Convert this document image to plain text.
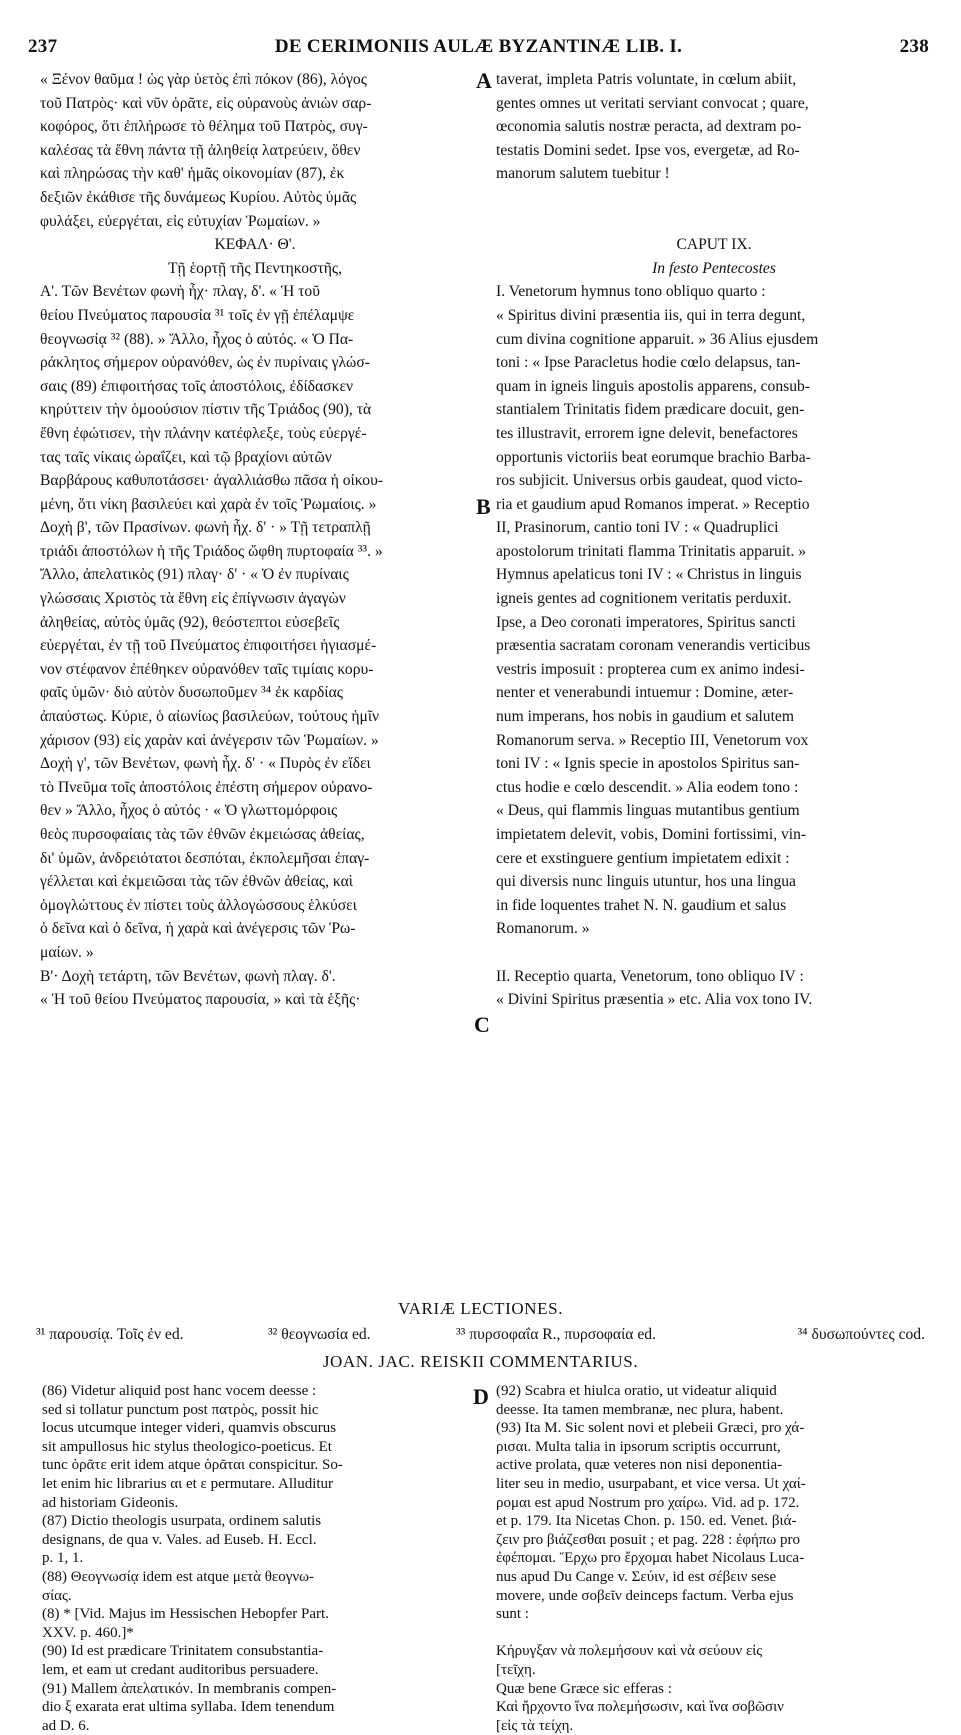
237	DE CERIMONIIS AULÆ BYZANTINÆ LIB. I.	238
« Ξένον θαῦμα ! ὡς γὰρ ὑετὸς ἐπὶ πόκον (86), λόγος
τοῦ Πατρὸς· καὶ νῦν ὁρᾶτε, εἰς οὐρανοὺς ἀνιὼν σαρ-
κοφόρος, ὅτι ἐπλήρωσε τὸ θέλημα τοῦ Πατρὸς, συγ-
καλέσας τὰ ἔθνη πάντα τῇ ἀληθείᾳ λατρεύειν, ὅθεν
καὶ πληρώσας τὴν καθ' ἡμᾶς οἰκονομίαν (87), ἐκ
δεξιῶν ἐκάθισε τῆς δυνάμεως Κυρίου. Αὐτὸς ὑμᾶς
φυλάξει, εὐεργέται, εἰς εὐτυχίαν Ῥωμαίων. »
ΚΕΦΑΛ· Θ'.
Τῇ ἑορτῇ τῆς Πεντηκοστῆς,
Α'. Τῶν Βενέτων φωνὴ ἦχ· πλαγ, δ'. « Ἡ τοῦ
θείου Πνεύματος παρουσία ³¹ τοῖς ἐν γῇ ἐπέλαμψε
θεογνωσίᾳ ³² (88). » Ἄλλο, ἦχος ὁ αὐτός. « Ὁ Πα-
ράκλητος σήμερον οὐρανόθεν, ὡς ἐν πυρίναις γλώσ-
σαις (89) ἐπιφοιτήσας τοῖς ἀποστόλοις, ἐδίδασκεν
κηρύττειν τὴν ὁμοούσιον πίστιν τῆς Τριάδος (90), τὰ
ἔθνη ἐφώτισεν, τὴν πλάνην κατέφλεξε, τοὺς εὐεργέ-
τας ταῖς νίκαις ὡραΐζει, καὶ τῷ βραχίονι αὐτῶν
Βαρβάρους καθυποτάσσει· ἀγαλλιάσθω πᾶσα ἡ οἰκου-
μένη, ὅτι νίκη βασιλεύει καὶ χαρὰ ἐν τοῖς Ῥωμαίοις. »
Δοχὴ β', τῶν Πρασίνων. φωνὴ ἦχ. δ' · » Τῇ τετραπλῇ
τριάδι ἀποστόλων ἡ τῆς Τριάδος ὤφθη πυρτοφαία ³³. »
Ἄλλο, ἀπελατικὸς (91) πλαγ· δ' · « Ὁ ἐν πυρίναις
γλώσσαις Χριστὸς τὰ ἔθνη εἰς ἐπίγνωσιν ἀγαγὼν
ἀληθείας, αὐτὸς ὑμᾶς (92), θεόστεπτοι εὐσεβεῖς
εὐεργέται, ἐν τῇ τοῦ Πνεύματος ἐπιφοιτήσει ἡγιασμέ-
νον στέφανον ἐπέθηκεν οὐρανόθεν ταῖς τιμίαις κορυ-
φαῖς ὑμῶν· διὸ αὐτὸν δυσωποῦμεν ³⁴ ἐκ καρδίας
ἀπαύστως. Κύριε, ὁ αἰωνίως βασιλεύων, τούτους ἡμῖν
χάρισον (93) εἰς χαρὰν καὶ ἀνέγερσιν τῶν Ῥωμαίων. »
Δοχὴ γ', τῶν Βενέτων, φωνὴ ἦχ. δ' · « Πυρὸς ἐν εἴδει
τὸ Πνεῦμα τοῖς ἀποστόλοις ἐπέστη σήμερον οὐρανο-
θεν » Ἄλλο, ἦχος ὁ αὐτός · « Ὁ γλωττομόρφοις
θεὸς πυρσοφαίαις τὰς τῶν ἐθνῶν ἐκμειώσας ἀθείας,
δι' ὑμῶν, ἀνδρειότατοι δεσπόται, ἐκπολεμῆσαι ἐπαγ-
γέλλεται καὶ ἐκμειῶσαι τὰς τῶν ἐθνῶν ἀθείας, καὶ
ὁμογλώττους ἐν πίστει τοὺς ἀλλογώσσους ἑλκύσει
ὁ δεῖνα καὶ ὁ δεῖνα, ἡ χαρὰ καὶ ἀνέγερσις τῶν Ῥω-
μαίων. »
Β'· Δοχὴ τετάρτη, τῶν Βενέτων, φωνὴ πλαγ. δ'.
« Ἡ τοῦ θείου Πνεύματος παρουσία, » καὶ τὰ ἑξῆς·
taverat, impleta Patris voluntate, in cœlum abiit,
gentes omnes ut veritati serviant convocat ; quare,
œconomia salutis nostræ peracta, ad dextram po-
testatis Domini sedet. Ipse vos, evergetæ, ad Ro-
manorum salutem tuebitur !
CAPUT IX.
In festo Pentecostes
I. Venetorum hymnus tono obliquo quarto :
« Spiritus divini præsentia iis, qui in terra degunt,
cum divina cognitione apparuit. » 36 Alius ejusdem
toni : « Ipse Paracletus hodie cœlo delapsus, tan-
quam in igneis linguis apostolis apparens, consub-
stantialem Trinitatis fidem prædicare docuit, gen-
tes illustravit, errorem igne delevit, benefactores
opportunis victoriis beat eorumque brachio Barba-
ros subjicit. Universus orbis gaudeat, quod victo-
ria et gaudium apud Romanos imperat. » Receptio
II, Prasinorum, cantio toni IV : « Quadruplici
apostolorum trinitati flamma Trinitatis apparuit. »
Hymnus apelaticus toni IV : « Christus in linguis
igneis gentes ad cognitionem veritatis perduxit.
Ipse, a Deo coronati imperatores, Spiritus sancti
præsentia sacratam coronam venerandis verticibus
vestris imposuit : propterea cum ex animo indesi-
nenter et venerabundi intuemur : Domine, æter-
num imperans, hos nobis in gaudium et salutem
Romanorum serva. » Receptio III, Venetorum vox
toni IV : « Ignis specie in apostolos Spiritus san-
ctus hodie e cœlo descendit. » Alia eodem tono :
« Deus, qui flammis linguas mutantibus gentium
impietatem delevit, vobis, Domini fortissimi, vin-
cere et exstinguere gentium impietatem edixit :
qui diversis nunc linguis utuntur, hos una lingua
in fide loquentes trahet N. N. gaudium et salus
Romanorum. »
II. Receptio quarta, Venetorum, tono obliquo IV :
« Divini Spiritus præsentia » etc. Alia vox tono IV.
A
B
C
D
VARIÆ LECTIONES.
³¹ παρουσίᾳ. Τοῖς ἐν ed.	³² θεογνωσία ed.	³³ πυρσοφαΐα R., πυρσοφαία ed.	³⁴ δυσωπούντες cod.
JOAN. JAC. REISKII COMMENTARIUS.
(86) Videtur aliquid post hanc vocem deesse :
sed si tollatur punctum post πατρὸς, possit hic
locus utcumque integer videri, quamvis obscurus
sit ampullosus hic stylus theologico-poeticus. Et
tunc ὁρᾶτε erit idem atque ὁρᾶται conspicitur. So-
let enim hic librarius αι et ε permutare. Alluditur
ad historiam Gideonis.
(87) Dictio theologis usurpata, ordinem salutis
designans, de qua v. Vales. ad Euseb. H. Eccl.
p. 1, 1.
(88) Θεογνωσίᾳ idem est atque μετὰ θεογνω-
σίας.
(8) * [Vid. Majus im Hessischen Hebopfer Part.
XXV. p. 460.]*
(90) Id est prædicare Trinitatem consubstantia-
lem, et eam ut credant auditoribus persuadere.
(91) Mallem ἀπελατικόν. In membranis compen-
dio ξ exarata erat ultima syllaba. Idem tenendum
ad D. 6.
(92) Scabra et hiulca oratio, ut videatur aliquid
deesse. Ita tamen membranæ, nec plura, habent.
(93) Ita M. Sic solent novi et plebeii Græci, pro χά-
ρισαι. Multa talia in ipsorum scriptis occurrunt,
active prolata, quæ veteres non nisi deponentia-
liter seu in medio, usurpabant, et vice versa. Ut χαί-
ρομαι est apud Nostrum pro χαίρω. Vid. ad p. 172.
et p. 179. Ita Nicetas Chon. p. 150. ed. Venet. βιά-
ζειν pro βιάζεσθαι posuit ; et pag. 228 : ἐφήπω pro
ἐφέπομαι. Ἔρχω pro ἔρχομαι habet Nicolaus Luca-
nus apud Du Cange v. Σεύιν, id est σέβειν sese
movere, unde σοβεῖν deinceps factum. Verba ejus
sunt :
Κήρυγξαν νὰ πολεμήσουν καὶ νὰ σεύουν εἰς
[τεῖχη.
Quæ bene Græce sic efferas :
Καὶ ἤρχοντο ἵνα πολεμήσωσιν, καὶ ἵνα σοβῶσιν
[εἰς τὰ τείχη.
